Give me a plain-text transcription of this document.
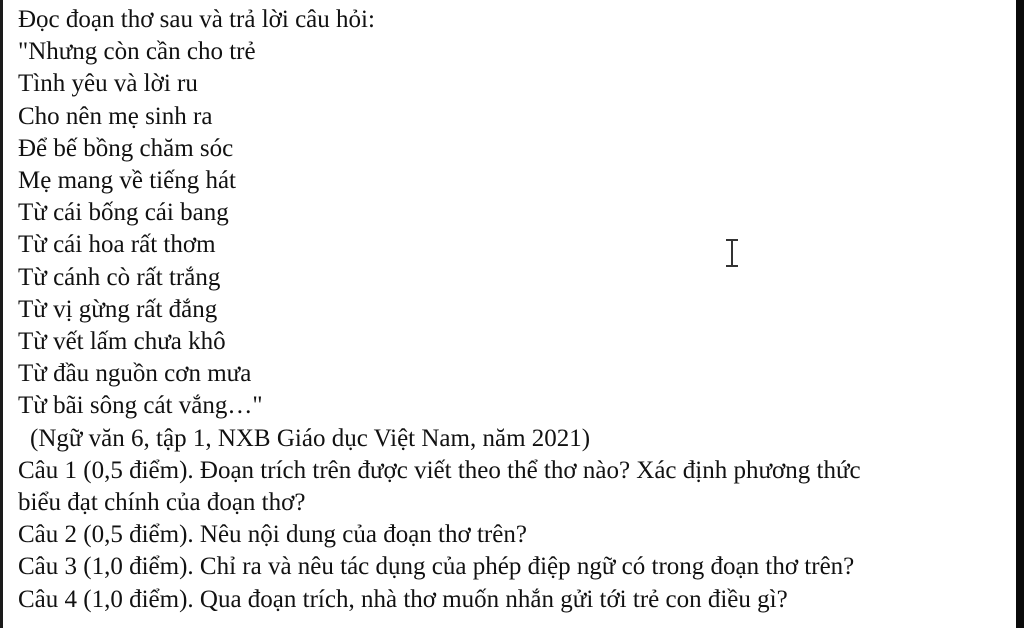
Đọc đoạn thơ sau và trả lời câu hỏi:

"Nhưng còn cần cho trẻ

Tình yêu và lời ru

Cho nên mẹ sinh ra

Để bế bồng chăm sóc

Mẹ mang về tiếng hát

Từ cái bống cái bang

Từ cái hoa rất thơm

Từ cánh cò rất trắng

Từ vị gừng rất đắng

Từ vết lấm chưa khô

Từ đầu nguồn cơn mưa

Từ bãi sông cát vắng…"

(Ngữ văn 6, tập 1, NXB Giáo dục Việt Nam, năm 2021)

Câu 1 (0,5 điểm). Đoạn trích trên được viết theo thể thơ nào? Xác định phương thức

biểu đạt chính của đoạn thơ?

Câu 2 (0,5 điểm). Nêu nội dung của đoạn thơ trên?

Câu 3 (1,0 điểm). Chỉ ra và nêu tác dụng của phép điệp ngữ có trong đoạn thơ trên?

Câu 4 (1,0 điểm). Qua đoạn trích, nhà thơ muốn nhắn gửi tới trẻ con điều gì?
